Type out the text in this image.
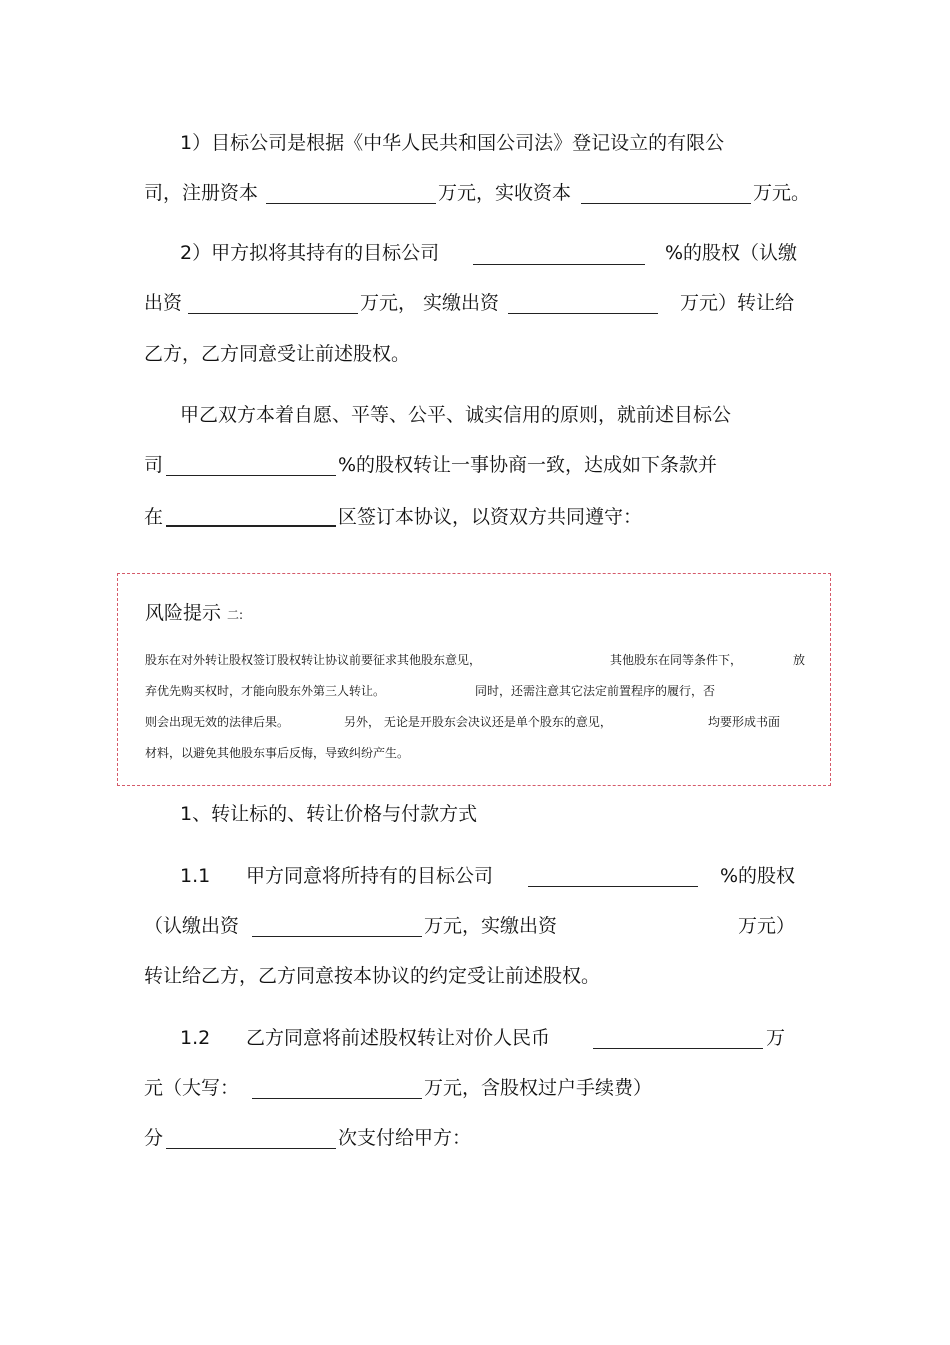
1）目标公司是根据《中华人民共和国公司法》登记设立的有限公
司，注册资本	万元，实收资本	万元。
2）甲方拟将其持有的目标公司	%的股权（认缴
出资	万元， 实缴出资	万元）转让给
乙方，乙方同意受让前述股权。
甲乙双方本着自愿、平等、公平、诚实信用的原则，就前述目标公
司	%的股权转让一事协商一致，达成如下条款并
在	区签订本协议，以资双方共同遵守：
风险提示 二:
股东在对外转让股权签订股权转让协议前要征求其他股东意见，	其他股东在同等条件下，	放
弃优先购买权时，才能向股东外第三人转让。	同时，还需注意其它法定前置程序的履行，否
则会出现无效的法律后果。	另外， 无论是开股东会决议还是单个股东的意见，	均要形成书面
材料，以避免其他股东事后反悔，导致纠纷产生。
1、转让标的、转让价格与付款方式
1.1 甲方同意将所持有的目标公司	%的股权
（认缴出资	万元，实缴出资	万元）
转让给乙方，乙方同意按本协议的约定受让前述股权。
1.2 乙方同意将前述股权转让对价人民币	万
元（大写：	万元，含股权过户手续费）
分	次支付给甲方：
